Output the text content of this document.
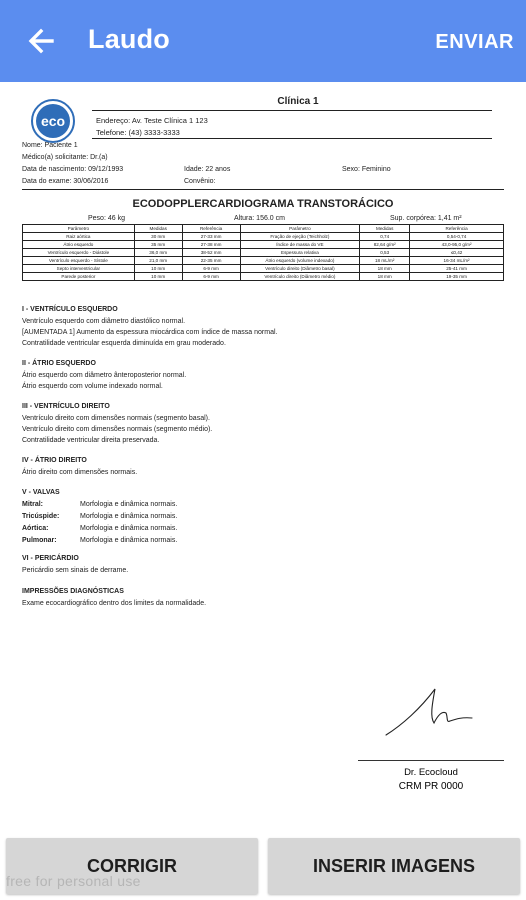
Laudo	ENVIAR
eco
Clínica 1
Endereço: Av. Teste Clínica 1 123
Telefone: (43) 3333-3333
Nome: Paciente 1
Médico(a) solicitante: Dr.(a)
Data de nascimento: 09/12/1993	Idade: 22 anos	Sexo: Feminino
Data do exame: 30/06/2016	Convênio:
ECODOPPLERCARDIOGRAMA TRANSTORÁCICO
Peso: 46 kg	Altura: 156.0 cm	Sup. corpórea: 1,41 m²
Parâmetro	Medidas	Referência	Parâmetro	Medidas	Referência
Raiz aórtica	30 mm	27-33 mm	Fração de ejeção (Teichholz)	0,74	0,54-0,74
Átrio esquerdo	35 mm	27-38 mm	Índice de massa do VE	82,64 g/m²	43,0-95,0 g/m²
Ventrículo esquerdo - Diástole	36,0 mm	38-52 mm	Espessura relativa	0,53	≤0,42
Ventrículo esquerdo - Sístole	21,0 mm	22-35 mm	Átrio esquerdo (volume indexado)	18 mL/m²	16-34 mL/m²
Septo interventricular	10 mm	6-9 mm	Ventrículo direito (Diâmetro basal)	18 mm	25-41 mm
Parede posterior	10 mm	6-9 mm	Ventrículo direito (Diâmetro médio)	18 mm	19-35 mm
I - VENTRÍCULO ESQUERDO
Ventrículo esquerdo com diâmetro diastólico normal.
[AUMENTADA 1] Aumento da espessura miocárdica com índice de massa normal.
Contratilidade ventricular esquerda diminuída em grau moderado.
II - ÁTRIO ESQUERDO
Átrio esquerdo com diâmetro ânteroposterior normal.
Átrio esquerdo com volume indexado normal.
III - VENTRÍCULO DIREITO
Ventrículo direito com dimensões normais (segmento basal).
Ventrículo direito com dimensões normais (segmento médio).
Contratilidade ventricular direita preservada.
IV - ÁTRIO DIREITO
Átrio direito com dimensões normais.
V - VALVAS
Mitral:	Morfologia e dinâmica normais.
Tricúspide:	Morfologia e dinâmica normais.
Aórtica:	Morfologia e dinâmica normais.
Pulmonar:	Morfologia e dinâmica normais.
VI - PERICÁRDIO
Pericárdio sem sinais de derrame.
IMPRESSÕES DIAGNÓSTICAS
Exame ecocardiográfico dentro dos limites da normalidade.
Dr. Ecocloud
CRM PR 0000
CORRIGIR	INSERIR IMAGENS
free for personal use
